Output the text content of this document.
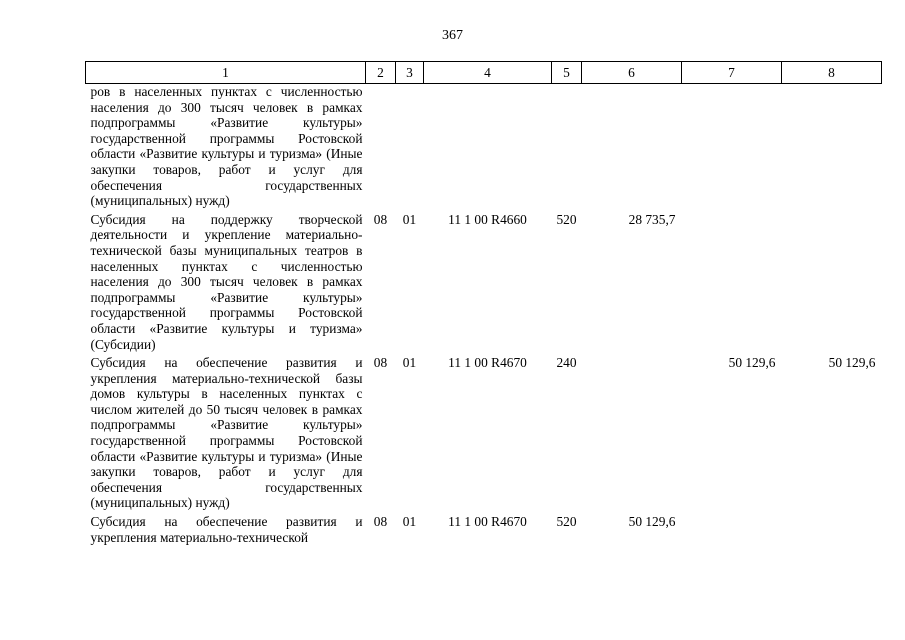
367
1	2	3	4	5	6	7	8
ров в населенных пунктах с численностью населения до 300 тысяч человек в рамках подпрограммы «Развитие культуры» государственной программы Ростовской области «Развитие культуры и туризма» (Иные закупки товаров, работ и услуг для обеспечения государственных (муниципальных) нужд)							

Субсидия на поддержку творческой деятельности и укрепление материально-технической базы муниципальных театров в населенных пунктах с численностью населения до 300 тысяч человек в рамках подпрограммы «Развитие культуры» государственной программы Ростовской области «Развитие культуры и туризма» (Субсидии)	08	01	11 1 00 R4660	520	28 735,7		

Субсидия на обеспечение развития и укрепления материально-технической базы домов культуры в населенных пунктах с числом жителей до 50 тысяч человек в рамках подпрограммы «Развитие культуры» государственной программы Ростовской области «Развитие культуры и туризма» (Иные закупки товаров, работ и услуг для обеспечения государственных (муниципальных) нужд)	08	01	11 1 00 R4670	240		50 129,6	50 129,6

Субсидия на обеспечение развития и укрепления материально-технической	08	01	11 1 00 R4670	520	50 129,6		
